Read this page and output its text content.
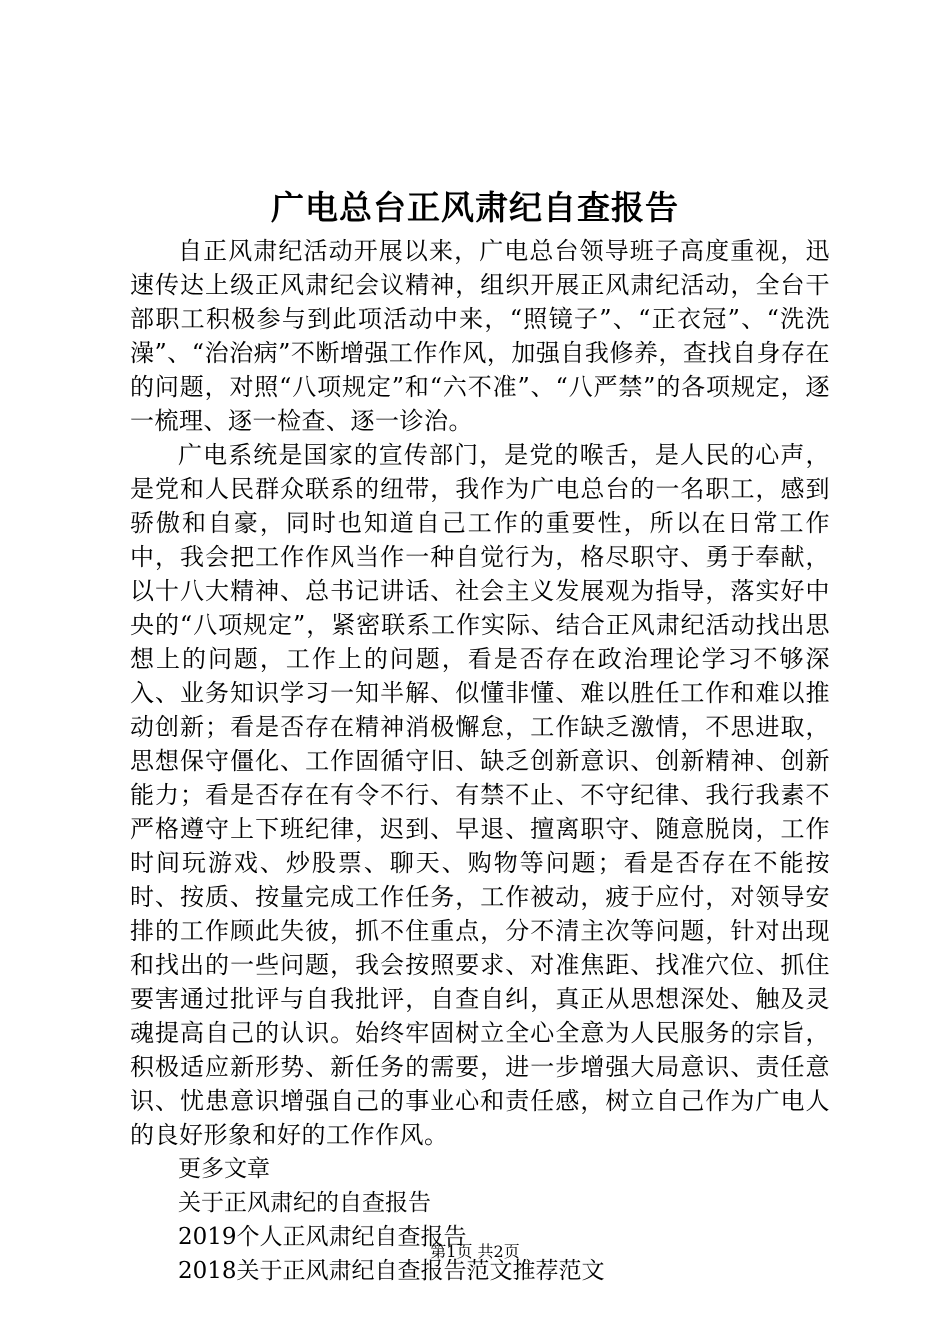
广电总台正风肃纪自查报告

自正风肃纪活动开展以来，广电总台领导班子高度重视，迅速传达上级正风肃纪会议精神，组织开展正风肃纪活动，全台干部职工积极参与到此项活动中来，“照镜子”、“正衣冠”、“洗洗澡”、“治治病”不断增强工作作风，加强自我修养，查找自身存在的问题，对照“八项规定”和“六不准”、“八严禁”的各项规定，逐一梳理、逐一检查、逐一诊治。

广电系统是国家的宣传部门，是党的喉舌，是人民的心声，是党和人民群众联系的纽带，我作为广电总台的一名职工，感到骄傲和自豪，同时也知道自己工作的重要性，所以在日常工作中，我会把工作作风当作一种自觉行为，格尽职守、勇于奉献，以十八大精神、总书记讲话、社会主义发展观为指导，落实好中央的“八项规定”，紧密联系工作实际、结合正风肃纪活动找出思想上的问题，工作上的问题，看是否存在政治理论学习不够深入、业务知识学习一知半解、似懂非懂、难以胜任工作和难以推动创新；看是否存在精神消极懈怠，工作缺乏激情，不思进取，思想保守僵化、工作固循守旧、缺乏创新意识、创新精神、创新能力；看是否存在有令不行、有禁不止、不守纪律、我行我素不严格遵守上下班纪律，迟到、早退、擅离职守、随意脱岗，工作时间玩游戏、炒股票、聊天、购物等问题；看是否存在不能按时、按质、按量完成工作任务，工作被动，疲于应付，对领导安排的工作顾此失彼，抓不住重点，分不清主次等问题，针对出现和找出的一些问题，我会按照要求、对准焦距、找准穴位、抓住要害通过批评与自我批评，自查自纠，真正从思想深处、触及灵魂提高自己的认识。始终牢固树立全心全意为人民服务的宗旨，积极适应新形势、新任务的需要，进一步增强大局意识、责任意识、忧患意识增强自己的事业心和责任感，树立自己作为广电人的良好形象和好的工作作风。

更多文章
关于正风肃纪的自查报告
2019个人正风肃纪自查报告
2018关于正风肃纪自查报告范文推荐范文
第1页 共2页
